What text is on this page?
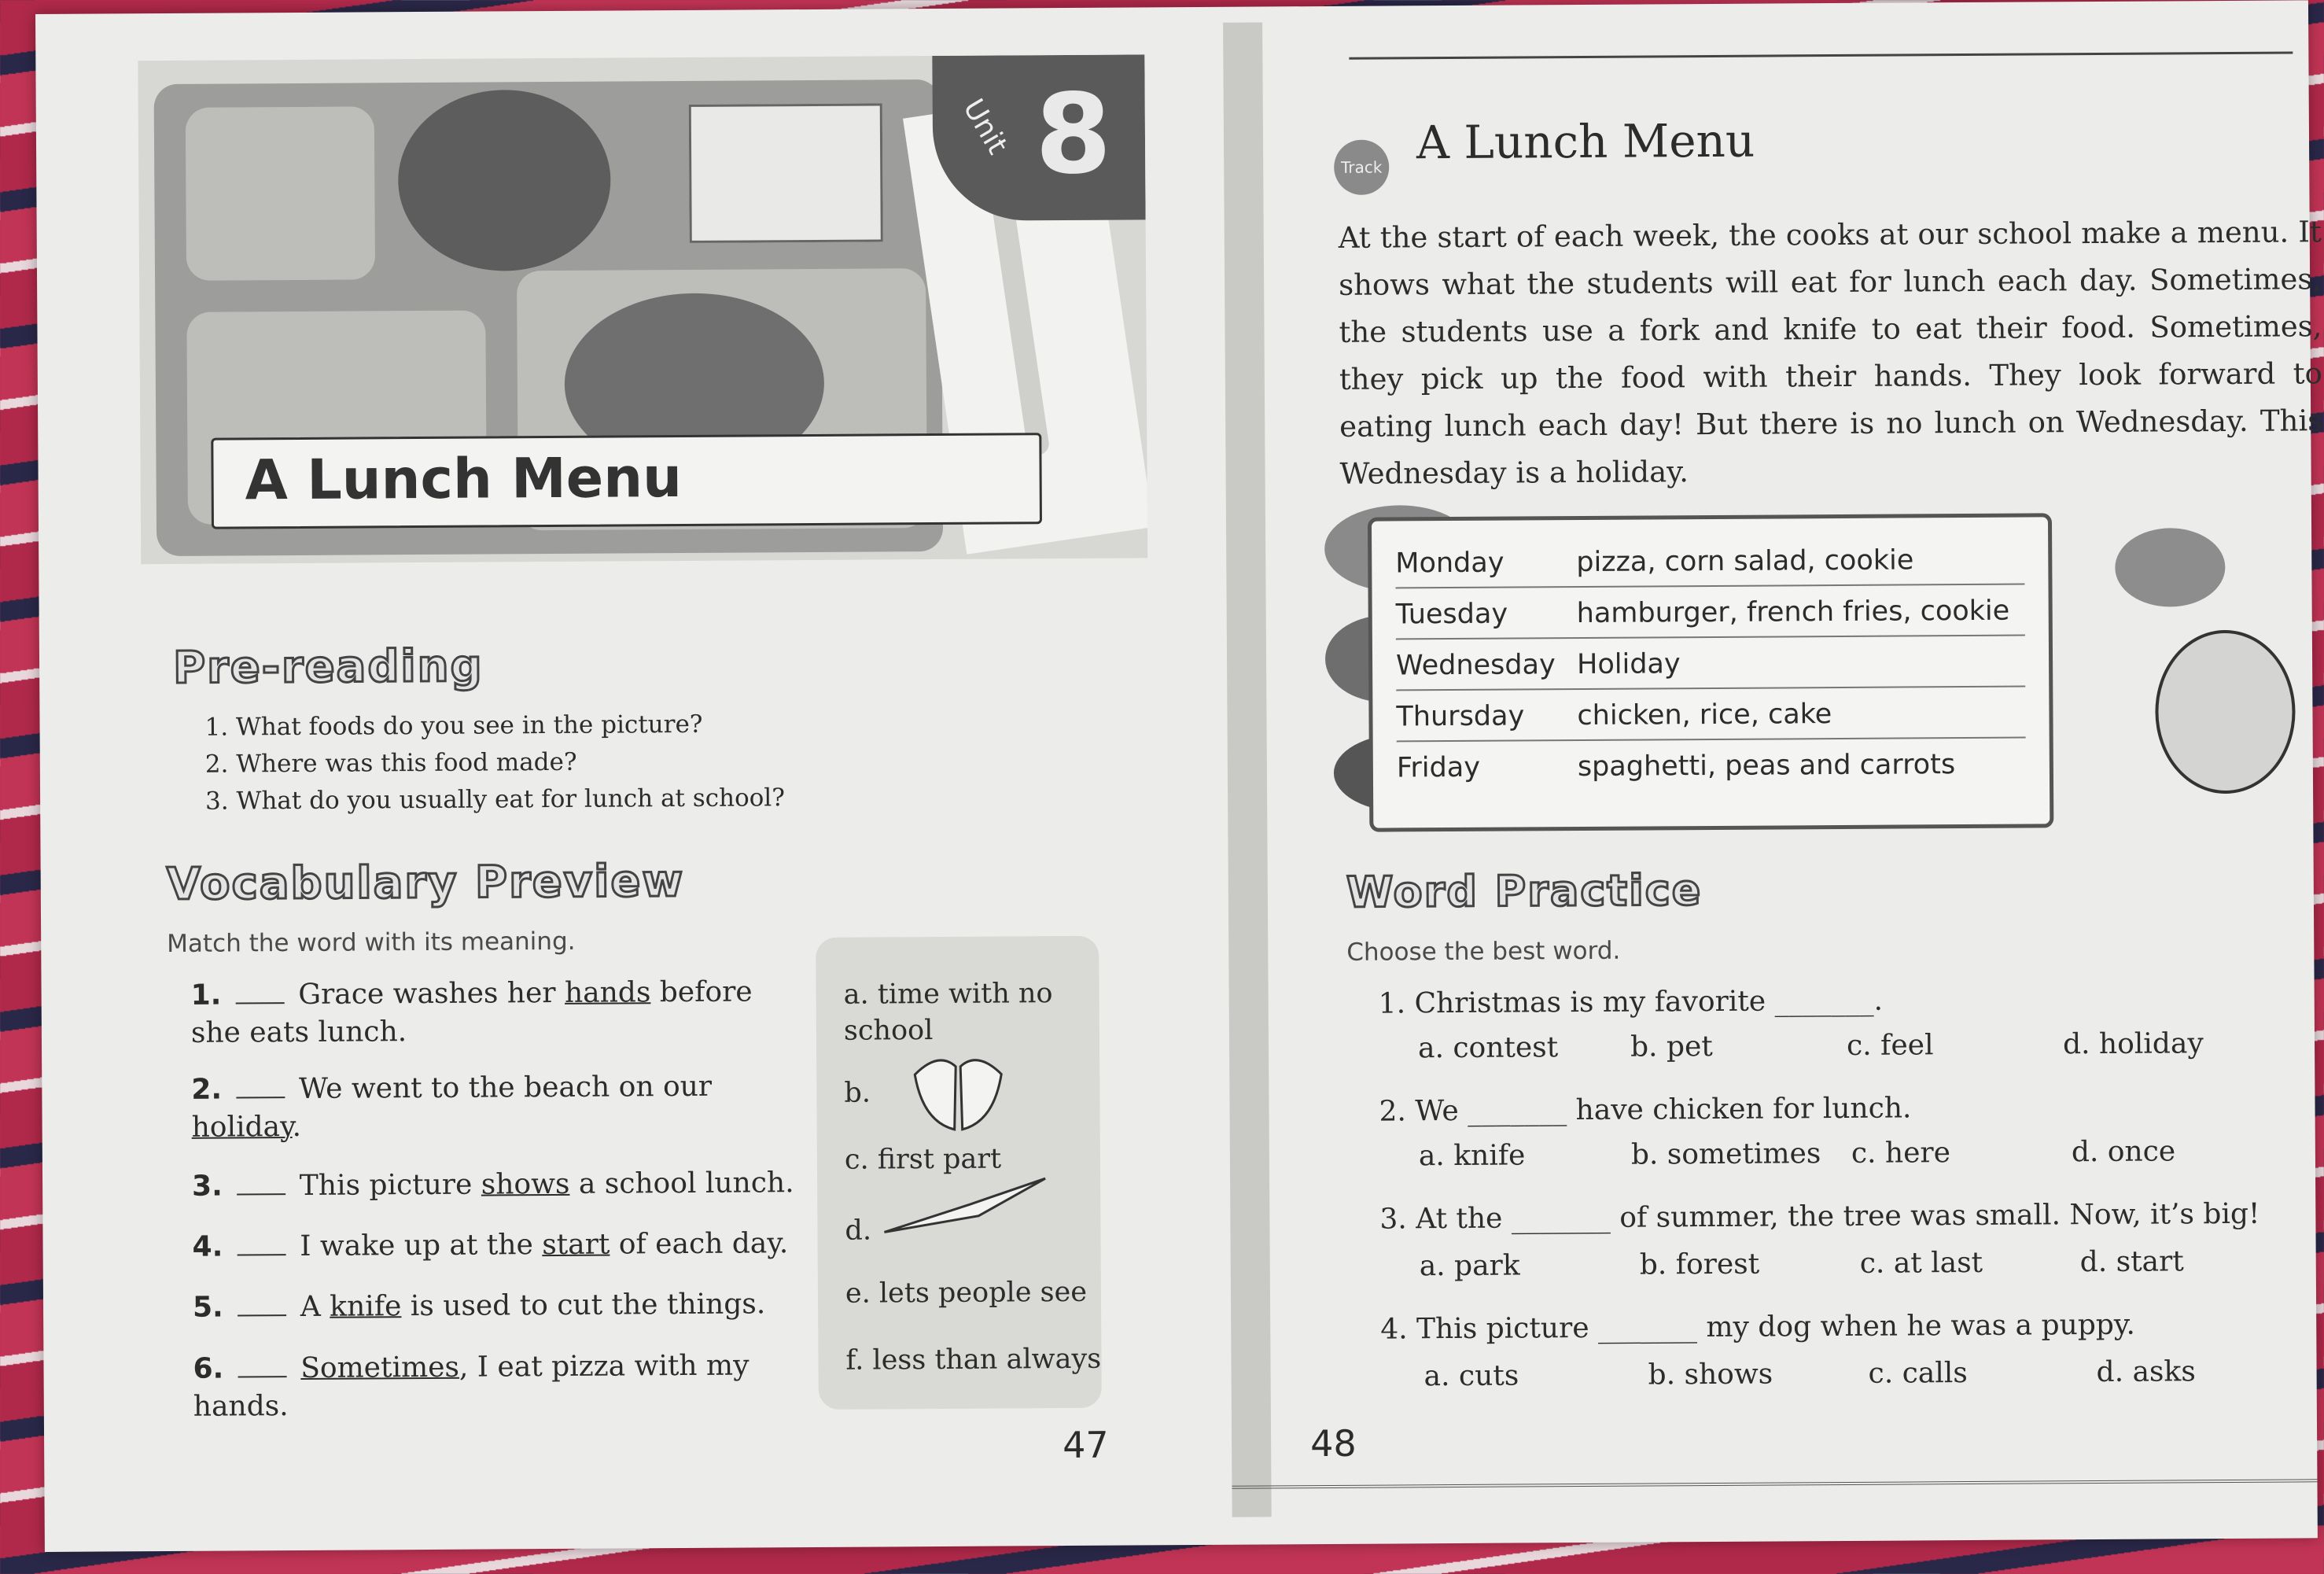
Unit 8
A Lunch Menu
Pre-reading
1. What foods do you see in the picture?
2. Where was this food made?
3. What do you usually eat for lunch at school?
Vocabulary Preview
Match the word with its meaning.
1.	Grace washes her hands before she eats lunch.
2.	We went to the beach on our holiday.
3.	This picture shows a school lunch.
4.	I wake up at the start of each day.
5.	A knife is used to cut the things.
6.	Sometimes, I eat pizza with my hands.
a. time with no school
b.
c. first part
d.
e. lets people see
f. less than always
47
Track A Lunch Menu
At the start of each week, the cooks at our school make a menu. It shows what the students will eat for lunch each day. Sometimes, the students use a fork and knife to eat their food. Sometimes, they pick up the food with their hands. They look forward to eating lunch each day! But there is no lunch on Wednesday. This Wednesday is a holiday.
Monday	pizza, corn salad, cookie
Tuesday hamburger, french fries, cookie
Wednesday Holiday
Thursday chicken, rice, cake
Friday	spaghetti, peas and carrots
Word Practice
Choose the best word.
1. Christmas is my favorite _______.
a. contest	b. pet	c. feel	d. holiday
2. We _______ have chicken for lunch.
a. knife	b. sometimes c. here	d. once
3. At the _______ of summer, the tree was small. Now, it’s big!
a. park	b. forest	c. at last	d. start
4. This picture _______ my dog when he was a puppy.
a. cuts	b. shows	c. calls	d. asks
48
